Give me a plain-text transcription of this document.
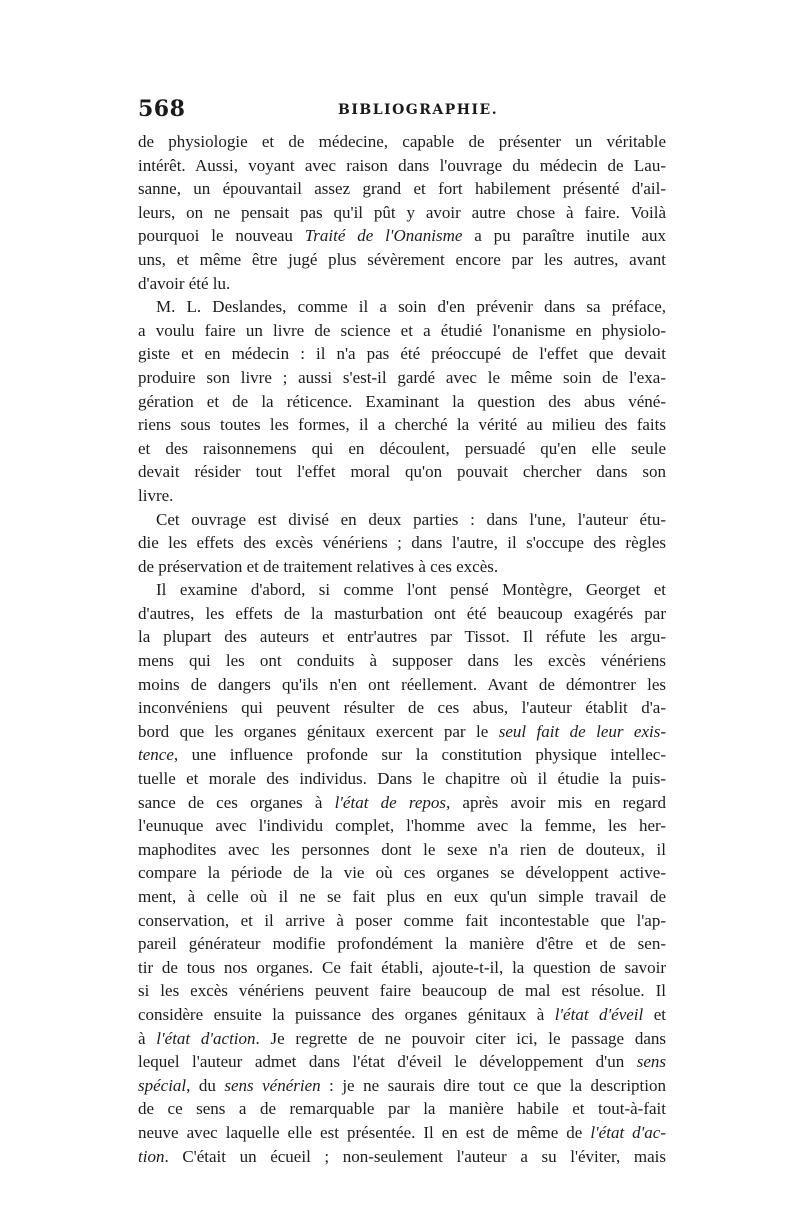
568	BIBLIOGRAPHIE.
de physiologie et de médecine, capable de présenter un véritable
intérêt. Aussi, voyant avec raison dans l'ouvrage du médecin de Lau-
sanne, un épouvantail assez grand et fort habilement présenté d'ail-
leurs, on ne pensait pas qu'il pût y avoir autre chose à faire. Voilà
pourquoi le nouveau Traité de l'Onanisme a pu paraître inutile aux
uns, et même être jugé plus sévèrement encore par les autres, avant
d'avoir été lu.
M. L. Deslandes, comme il a soin d'en prévenir dans sa préface,
a voulu faire un livre de science et a étudié l'onanisme en physiolo-
giste et en médecin : il n'a pas été préoccupé de l'effet que devait
produire son livre ; aussi s'est-il gardé avec le même soin de l'exa-
gération et de la réticence. Examinant la question des abus véné-
riens sous toutes les formes, il a cherché la vérité au milieu des faits
et des raisonnemens qui en découlent, persuadé qu'en elle seule
devait résider tout l'effet moral qu'on pouvait chercher dans son
livre.
Cet ouvrage est divisé en deux parties : dans l'une, l'auteur étu-
die les effets des excès vénériens ; dans l'autre, il s'occupe des règles
de préservation et de traitement relatives à ces excès.
Il examine d'abord, si comme l'ont pensé Montègre, Georget et
d'autres, les effets de la masturbation ont été beaucoup exagérés par
la plupart des auteurs et entr'autres par Tissot. Il réfute les argu-
mens qui les ont conduits à supposer dans les excès vénériens
moins de dangers qu'ils n'en ont réellement. Avant de démontrer les
inconvéniens qui peuvent résulter de ces abus, l'auteur établit d'a-
bord que les organes génitaux exercent par le seul fait de leur exis-
tence, une influence profonde sur la constitution physique intellec-
tuelle et morale des individus. Dans le chapitre où il étudie la puis-
sance de ces organes à l'état de repos, après avoir mis en regard
l'eunuque avec l'individu complet, l'homme avec la femme, les her-
maphodites avec les personnes dont le sexe n'a rien de douteux, il
compare la période de la vie où ces organes se développent active-
ment, à celle où il ne se fait plus en eux qu'un simple travail de
conservation, et il arrive à poser comme fait incontestable que l'ap-
pareil générateur modifie profondément la manière d'être et de sen-
tir de tous nos organes. Ce fait établi, ajoute-t-il, la question de savoir
si les excès vénériens peuvent faire beaucoup de mal est résolue. Il
considère ensuite la puissance des organes génitaux à l'état d'éveil et
à l'état d'action. Je regrette de ne pouvoir citer ici, le passage dans
lequel l'auteur admet dans l'état d'éveil le développement d'un sens
spécial, du sens vénérien : je ne saurais dire tout ce que la description
de ce sens a de remarquable par la manière habile et tout-à-fait
neuve avec laquelle elle est présentée. Il en est de même de l'état d'ac-
tion. C'était un écueil ; non-seulement l'auteur a su l'éviter, mais
